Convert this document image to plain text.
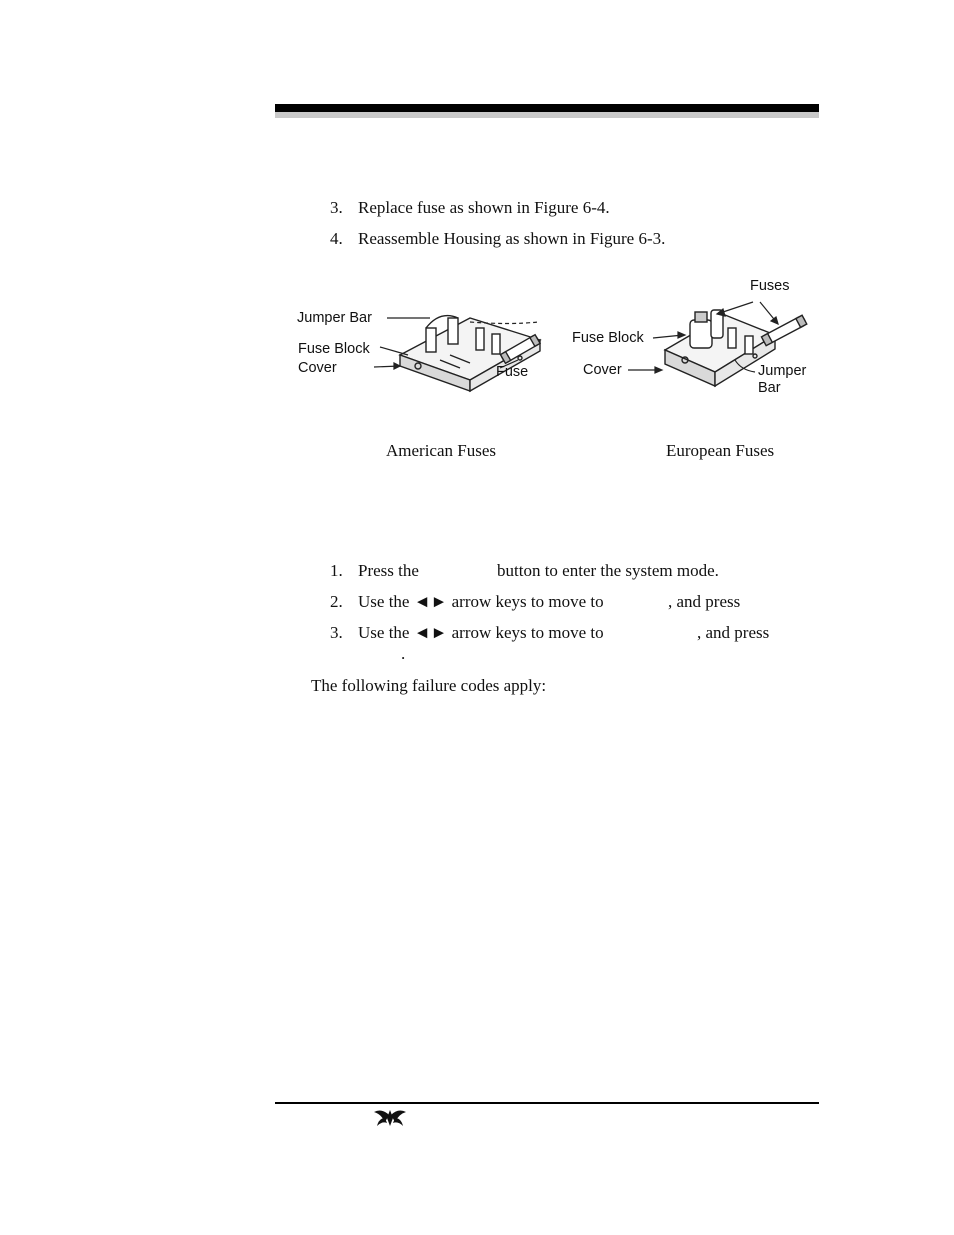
3. Replace fuse as shown in Figure 6-4.
4. Reassemble Housing as shown in Figure 6-3.
Jumper Bar
Fuse Block
Cover	Fuse
Fuses
Fuse Block
Cover	Jumper
Bar
American Fuses	European Fuses
1. Press the	button to enter the system mode.
2. Use the ◄► arrow keys to move to	, and press
3. Use the ◄► arrow keys to move to	, and press
.
The following failure codes apply:
